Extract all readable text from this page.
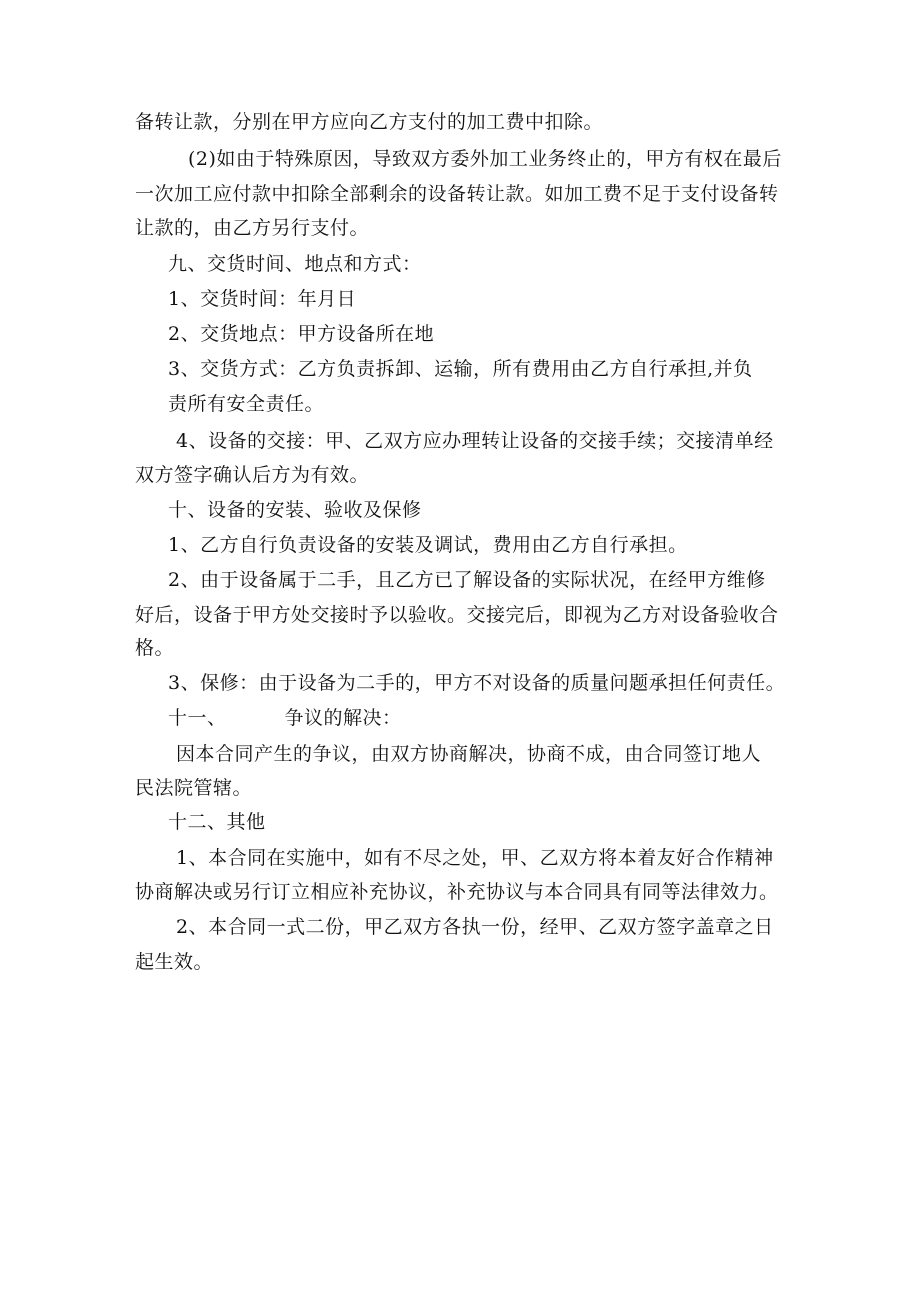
备转让款，分别在甲方应向乙方支付的加工费中扣除。
(2)如由于特殊原因，导致双方委外加工业务终止的，甲方有权在最后
一次加工应付款中扣除全部剩余的设备转让款。如加工费不足于支付设备转
让款的，由乙方另行支付。
九、交货时间、地点和方式：
1、交货时间：年月日
2、交货地点：甲方设备所在地
3、交货方式：乙方负责拆卸、运输，所有费用由乙方自行承担,并负
责所有安全责任。
4、设备的交接：甲、乙双方应办理转让设备的交接手续；交接清单经
双方签字确认后方为有效。
十、设备的安装、验收及保修
1、乙方自行负责设备的安装及调试，费用由乙方自行承担。
2、由于设备属于二手，且乙方已了解设备的实际状况，在经甲方维修
好后，设备于甲方处交接时予以验收。交接完后，即视为乙方对设备验收合
格。
3、保修：由于设备为二手的，甲方不对设备的质量问题承担任何责任。
十一、	争议的解决：
因本合同产生的争议，由双方协商解决，协商不成，由合同签订地人
民法院管辖。
十二、其他
1、本合同在实施中，如有不尽之处，甲、乙双方将本着友好合作精神
协商解决或另行订立相应补充协议，补充协议与本合同具有同等法律效力。
2、本合同一式二份，甲乙双方各执一份，经甲、乙双方签字盖章之日
起生效。
